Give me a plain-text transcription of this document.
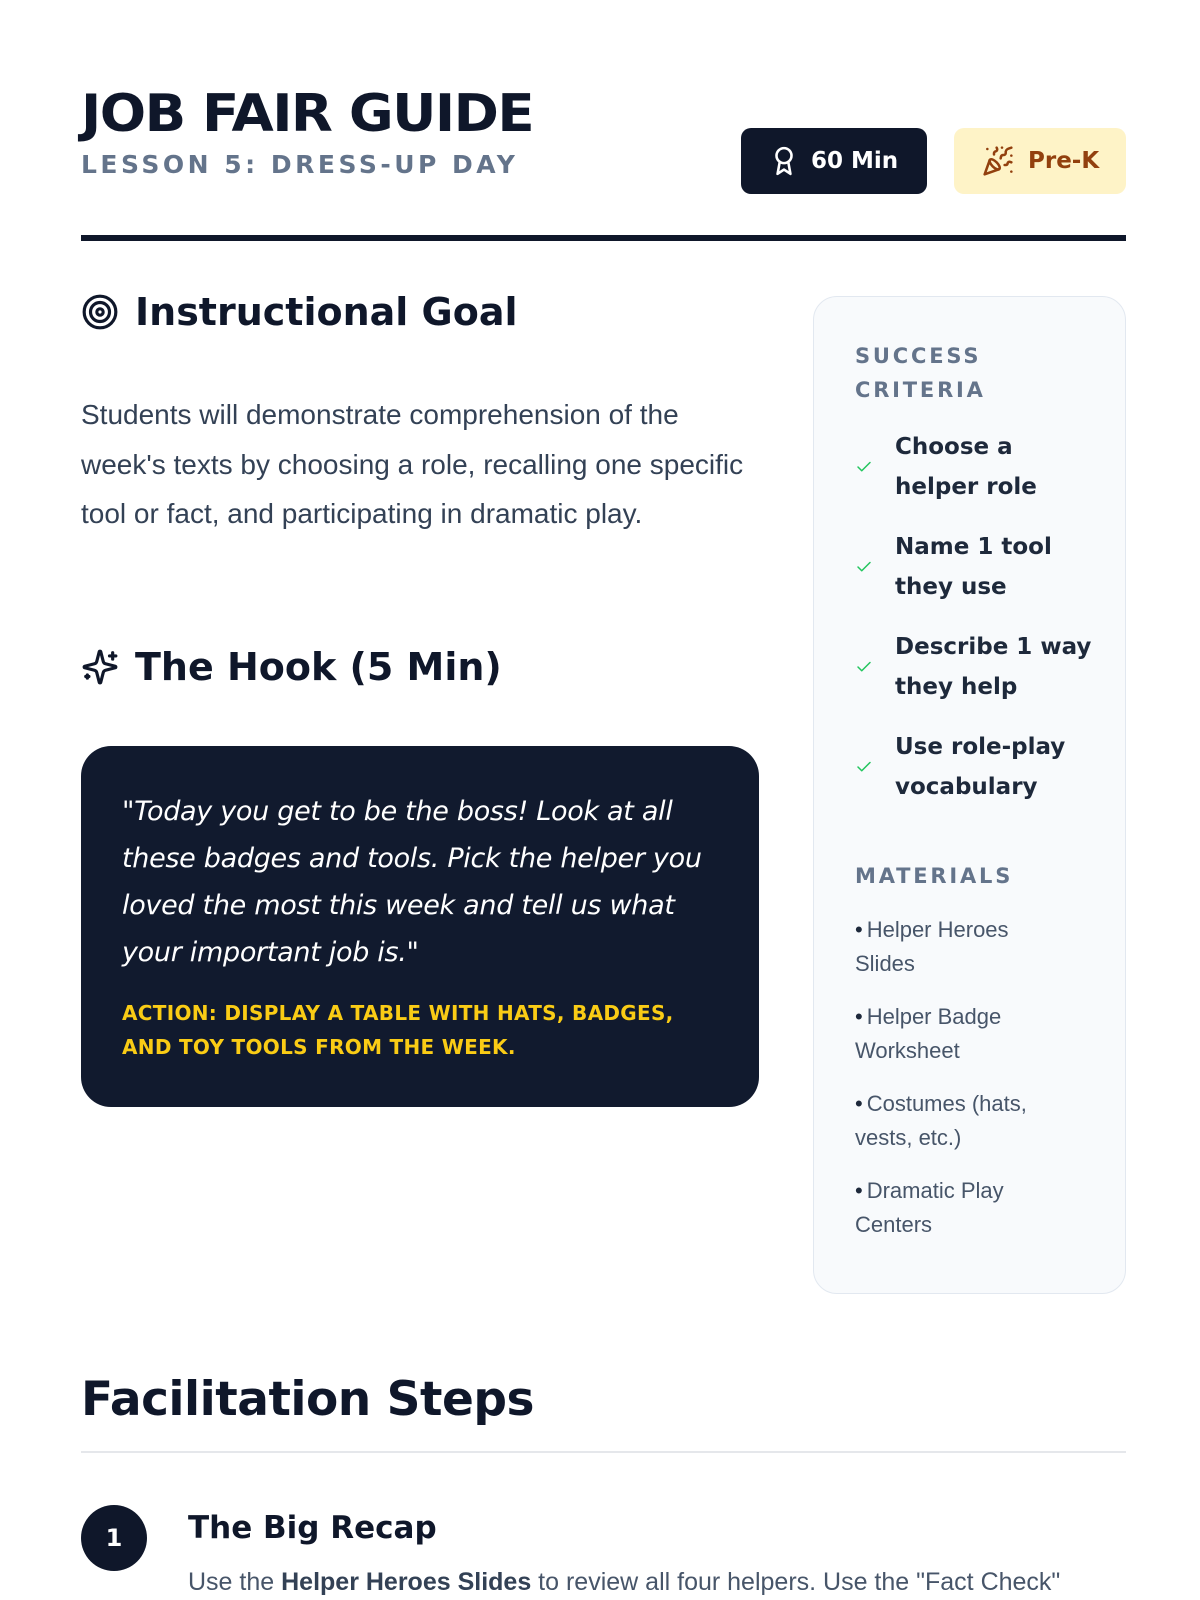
JOB FAIR GUIDE
LESSON 5: DRESS-UP DAY	60 Min	Pre-K
Instructional Goal

Students will demonstrate comprehension of the week's texts by choosing a role, recalling one specific tool or fact, and participating in dramatic play.

The Hook (5 Min)

"Today you get to be the boss! Look at all these badges and tools. Pick the helper you loved the most this week and tell us what your important job is."

ACTION: DISPLAY A TABLE WITH HATS, BADGES, AND TOY TOOLS FROM THE WEEK.

SUCCESS CRITERIA
Choose a helper role
Name 1 tool they use
Describe 1 way they help
Use role-play vocabulary
MATERIALS
• Helper Heroes Slides
• Helper Badge Worksheet
• Costumes (hats, vests, etc.)
• Dramatic Play Centers
Facilitation Steps
1	The Big Recap

Use the Helper Heroes Slides to review all four helpers. Use the "Fact Check"
